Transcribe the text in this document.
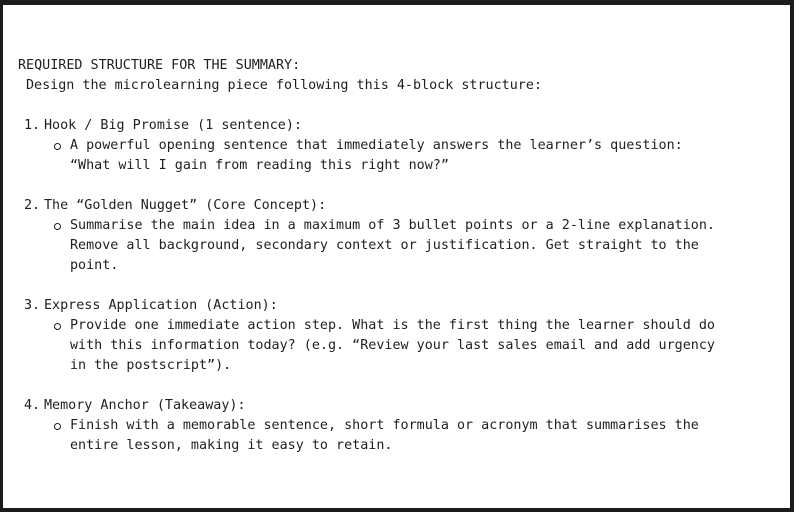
REQUIRED STRUCTURE FOR THE SUMMARY:
Design the microlearning piece following this 4-block structure:
1. Hook / Big Promise (1 sentence):
A powerful opening sentence that immediately answers the learner’s question:
“What will I gain from reading this right now?”
2. The “Golden Nugget” (Core Concept):
Summarise the main idea in a maximum of 3 bullet points or a 2-line explanation.
Remove all background, secondary context or justification. Get straight to the
point.
3. Express Application (Action):
Provide one immediate action step. What is the first thing the learner should do
with this information today? (e.g. “Review your last sales email and add urgency
in the postscript”).
4. Memory Anchor (Takeaway):
Finish with a memorable sentence, short formula or acronym that summarises the
entire lesson, making it easy to retain.
